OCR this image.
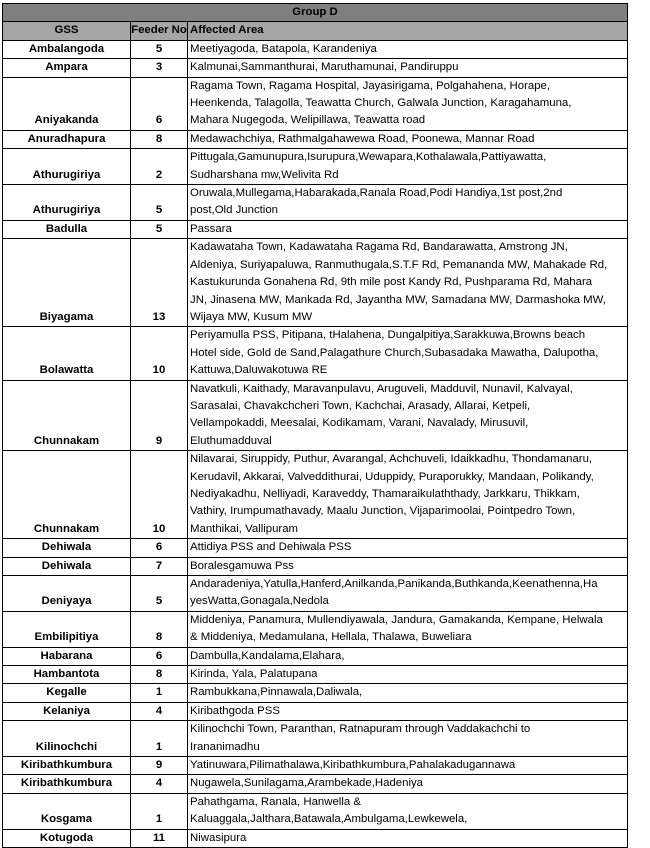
Group D		
GSS	Feeder No	Affected Area
Ambalangoda	5	Meetiyagoda, Batapola, Karandeniya
Ampara	3	Kalmunai,Sammanthurai, Maruthamunai, Pandiruppu
Aniyakanda	6	Ragama Town, Ragama Hospital, Jayasirigama, Polgahahena, Horape,
Heenkenda, Talagolla, Teawatta Church, Galwala Junction, Karagahamuna,
Mahara Nugegoda, Welipillawa, Teawatta road
Anuradhapura	8	Medawachchiya, Rathmalgahawewa Road, Poonewa, Mannar Road
Athurugiriya	2	Pittugala,Gamunupura,Isurupura,Wewapara,Kothalawala,Pattiyawatta,
Sudharshana mw,Welivita Rd
Athurugiriya	5	Oruwala,Mullegama,Habarakada,Ranala Road,Podi Handiya,1st post,2nd
post,Old Junction
Badulla	5	Passara
Biyagama	13	Kadawataha Town, Kadawataha Ragama Rd, Bandarawatta, Amstrong JN,
Aldeniya, Suriyapaluwa, Ranmuthugala,S.T.F Rd, Pemananda MW, Mahakade Rd,
Kastukurunda Gonahena Rd, 9th mile post Kandy Rd, Pushparama Rd, Mahara
JN, Jinasena MW, Mankada Rd, Jayantha MW, Samadana MW, Darmashoka MW,
Wijaya MW, Kusum MW
Bolawatta	10	Periyamulla PSS, Pitipana, tHalahena, Dungalpitiya,Sarakkuwa,Browns beach
Hotel side, Gold de Sand,Palagathure Church,Subasadaka Mawatha, Dalupotha,
Kattuwa,Daluwakotuwa RE
Chunnakam	9	Navatkuli, Kaithady, Maravanpulavu, Aruguveli, Madduvil, Nunavil, Kalvayal,
Sarasalai, Chavakchcheri Town, Kachchai, Arasady, Allarai, Ketpeli,
Vellampokaddi, Meesalai, Kodikamam, Varani, Navalady, Mirusuvil,
Eluthumadduval
Chunnakam	10	Nilavarai, Siruppidy, Puthur, Avarangal, Achchuveli, Idaikkadhu, Thondamanaru,
Kerudavil, Akkarai, Valveddithurai, Uduppidy, Puraporukky, Mandaan, Polikandy,
Nediyakadhu, Nelliyadi, Karaveddy, Thamaraikulaththady, Jarkkaru, Thikkam,
Vathiry, Irumpumathavady, Maalu Junction, Vijaparimoolai, Pointpedro Town,
Manthikai, Vallipuram
Dehiwala	6	Attidiya PSS and Dehiwala PSS
Dehiwala	7	Boralesgamuwa Pss
Deniyaya	5	Andaradeniya,Yatulla,Hanferd,Anilkanda,Panikanda,Buthkanda,Keenathenna,Ha
yesWatta,Gonagala,Nedola
Embilipitiya	8	Middeniya, Panamura, Mullendiyawala, Jandura, Gamakanda, Kempane, Helwala
& Middeniya, Medamulana, Hellala, Thalawa, Buweliara
Habarana	6	Dambulla,Kandalama,Elahara,
Hambantota	8	Kirinda, Yala, Palatupana
Kegalle	1	Rambukkana,Pinnawala,Daliwala,
Kelaniya	4	Kiribathgoda PSS
Kilinochchi	1	Kilinochchi Town, Paranthan, Ratnapuram through Vaddakachchi to
Irananimadhu
Kiribathkumbura	9	Yatinuwara,Pilimathalawa,Kiribathkumbura,Pahalakadugannawa
Kiribathkumbura	4	Nugawela,Sunilagama,Arambekade,Hadeniya
Kosgama	1	Pahathgama, Ranala, Hanwella &
Kaluaggala,Jalthara,Batawala,Ambulgama,Lewkewela,
Kotugoda	11	Niwasipura
